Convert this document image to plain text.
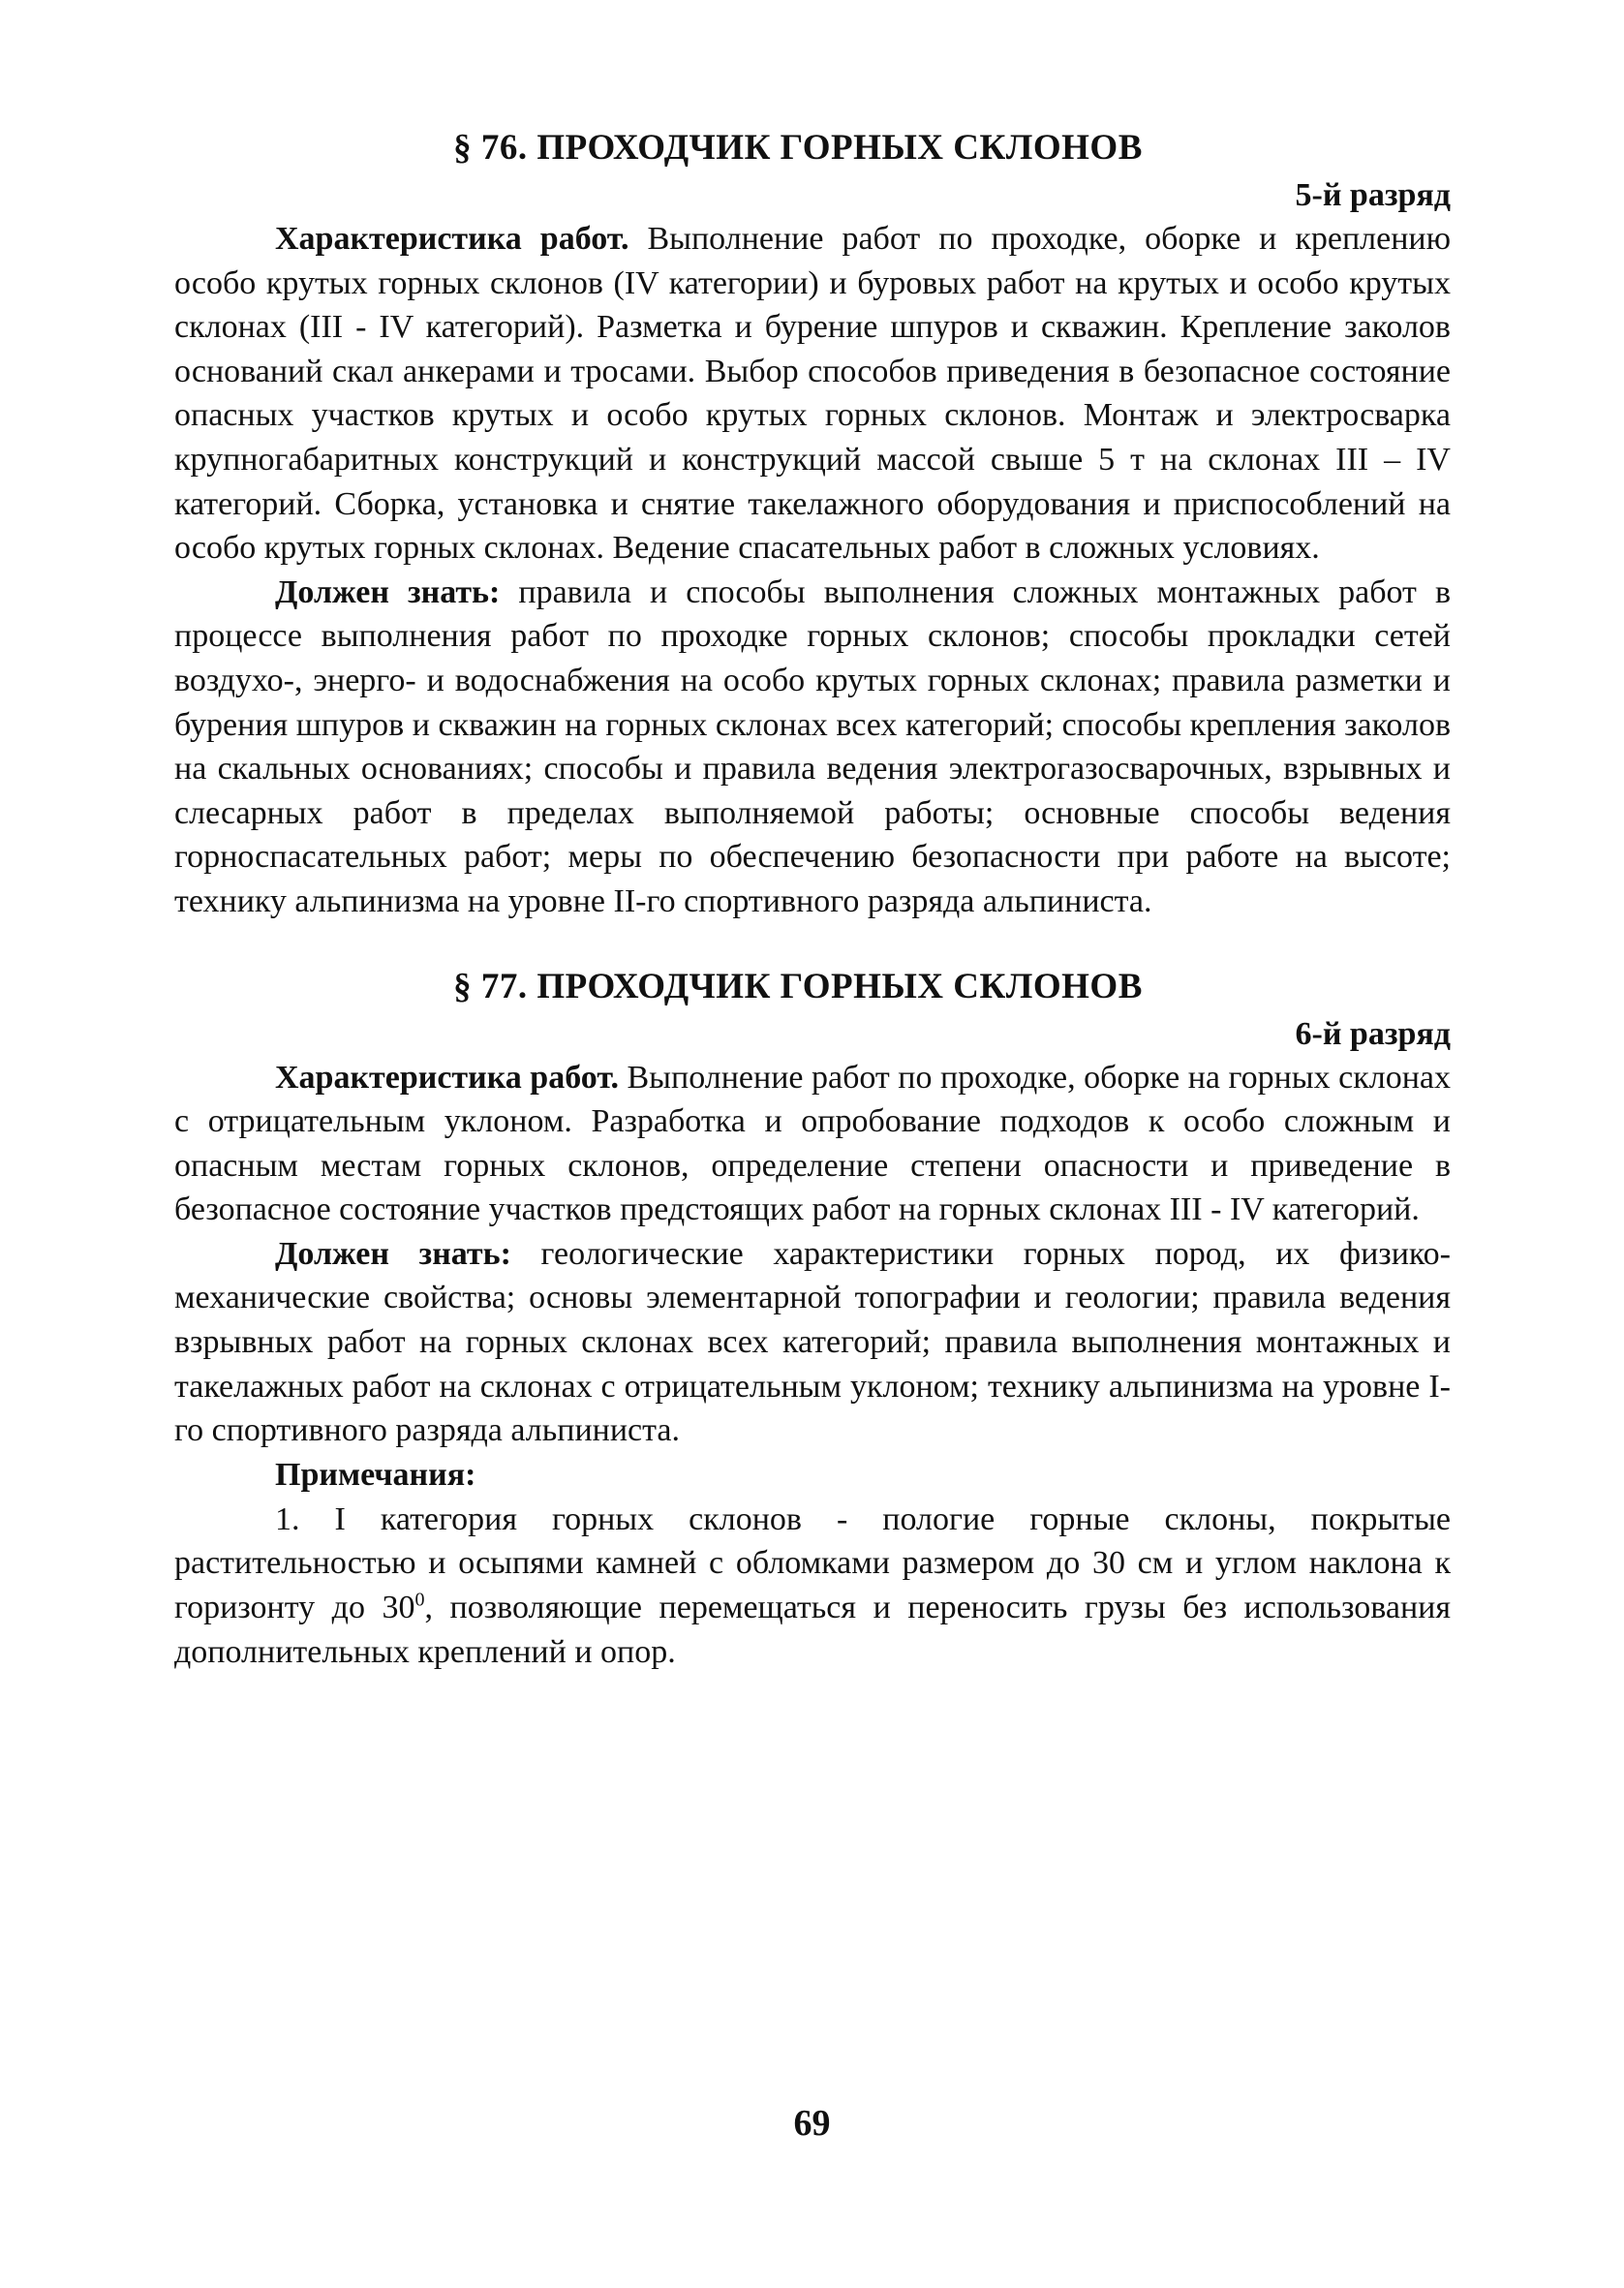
§ 76. ПРОХОДЧИК ГОРНЫХ СКЛОНОВ
5-й разряд

Характеристика работ. Выполнение работ по проходке, оборке и креплению особо крутых горных склонов (IV категории) и буровых работ на крутых и особо крутых склонах (III - IV категорий). Разметка и бурение шпуров и скважин. Крепление заколов оснований скал анкерами и тросами. Выбор способов приведения в безопасное состояние опасных участков крутых и особо крутых горных склонов. Монтаж и электросварка крупногабаритных конструкций и конструкций массой свыше 5 т на склонах III – IV категорий. Сборка, установка и снятие такелажного оборудования и приспособлений на особо крутых горных склонах. Ведение спасательных работ в сложных условиях.

Должен знать: правила и способы выполнения сложных монтажных работ в процессе выполнения работ по проходке горных склонов; способы прокладки сетей воздухо-, энерго- и водоснабжения на особо крутых горных склонах; правила разметки и бурения шпуров и скважин на горных склонах всех категорий; способы крепления заколов на скальных основаниях; способы и правила ведения электрогазосварочных, взрывных и слесарных работ в пределах выполняемой работы; основные способы ведения горноспасательных работ; меры по обеспечению безопасности при работе на высоте; технику альпинизма на уровне II-го спортивного разряда альпиниста.

§ 77. ПРОХОДЧИК ГОРНЫХ СКЛОНОВ
6-й разряд

Характеристика работ. Выполнение работ по проходке, оборке на горных склонах с отрицательным уклоном. Разработка и опробование подходов к особо сложным и опасным местам горных склонов, определение степени опасности и приведение в безопасное состояние участков предстоящих работ на горных склонах III - IV категорий.

Должен знать: геологические характеристики горных пород, их физико-механические свойства; основы элементарной топографии и геологии; правила ведения взрывных работ на горных склонах всех категорий; правила выполнения монтажных и такелажных работ на склонах с отрицательным уклоном; технику альпинизма на уровне I-го спортивного разряда альпиниста.

Примечания:

1. I категория горных склонов - пологие горные склоны, покрытые растительностью и осыпями камней с обломками размером до 30 см и углом наклона к горизонту до $30^0$, позволяющие перемещаться и переносить грузы без использования дополнительных креплений и опор.

69
